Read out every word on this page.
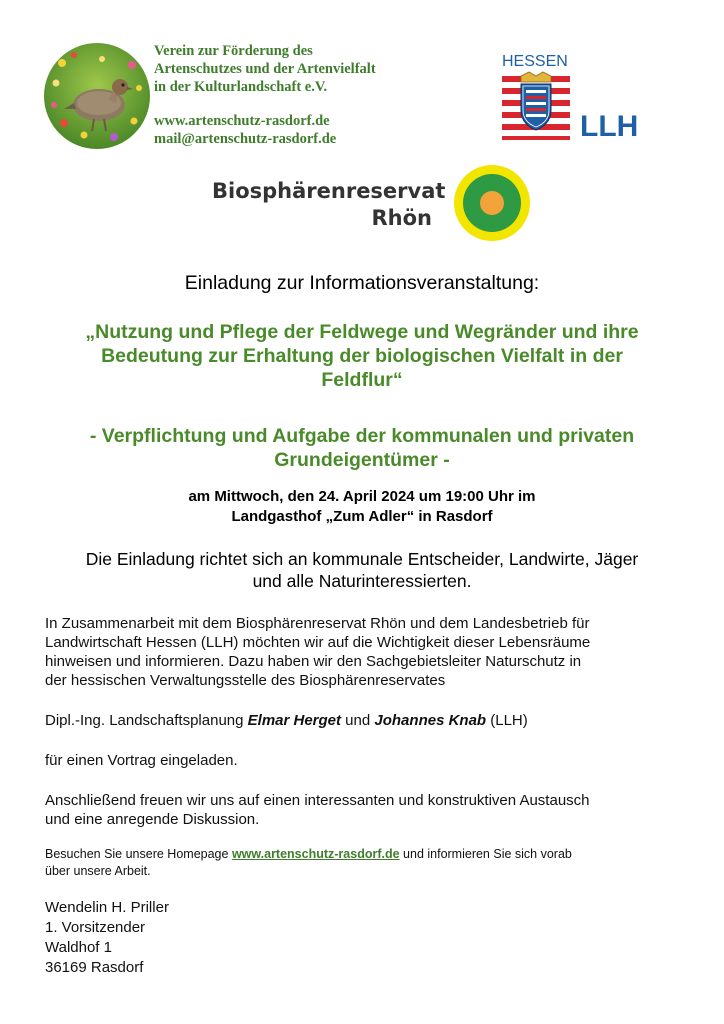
Verein zur Förderung des
Artenschutzes und der Artenvielfalt
in der Kulturlandschaft e.V.
www.artenschutz-rasdorf.de
mail@artenschutz-rasdorf.de
HESSEN
LLH
Biosphärenreservat
Rhön
Einladung zur Informationsveranstaltung:
„Nutzung und Pflege der Feldwege und Wegränder und ihre
Bedeutung zur Erhaltung der biologischen Vielfalt in der
Feldflur“
- Verpflichtung und Aufgabe der kommunalen und privaten
Grundeigentümer -
am Mittwoch, den 24. April 2024 um 19:00 Uhr im
Landgasthof „Zum Adler“ in Rasdorf
Die Einladung richtet sich an kommunale Entscheider, Landwirte, Jäger
und alle Naturinteressierten.
In Zusammenarbeit mit dem Biosphärenreservat Rhön und dem Landesbetrieb für
Landwirtschaft Hessen (LLH) möchten wir auf die Wichtigkeit dieser Lebensräume
hinweisen und informieren. Dazu haben wir den Sachgebietsleiter Naturschutz in
der hessischen Verwaltungsstelle des Biosphärenreservates
Dipl.-Ing. Landschaftsplanung Elmar Herget und Johannes Knab (LLH)
für einen Vortrag eingeladen.
Anschließend freuen wir uns auf einen interessanten und konstruktiven Austausch
und eine anregende Diskussion.
Besuchen Sie unsere Homepage www.artenschutz-rasdorf.de und informieren Sie sich vorab
über unsere Arbeit.
Wendelin H. Priller
1. Vorsitzender
Waldhof 1
36169 Rasdorf
